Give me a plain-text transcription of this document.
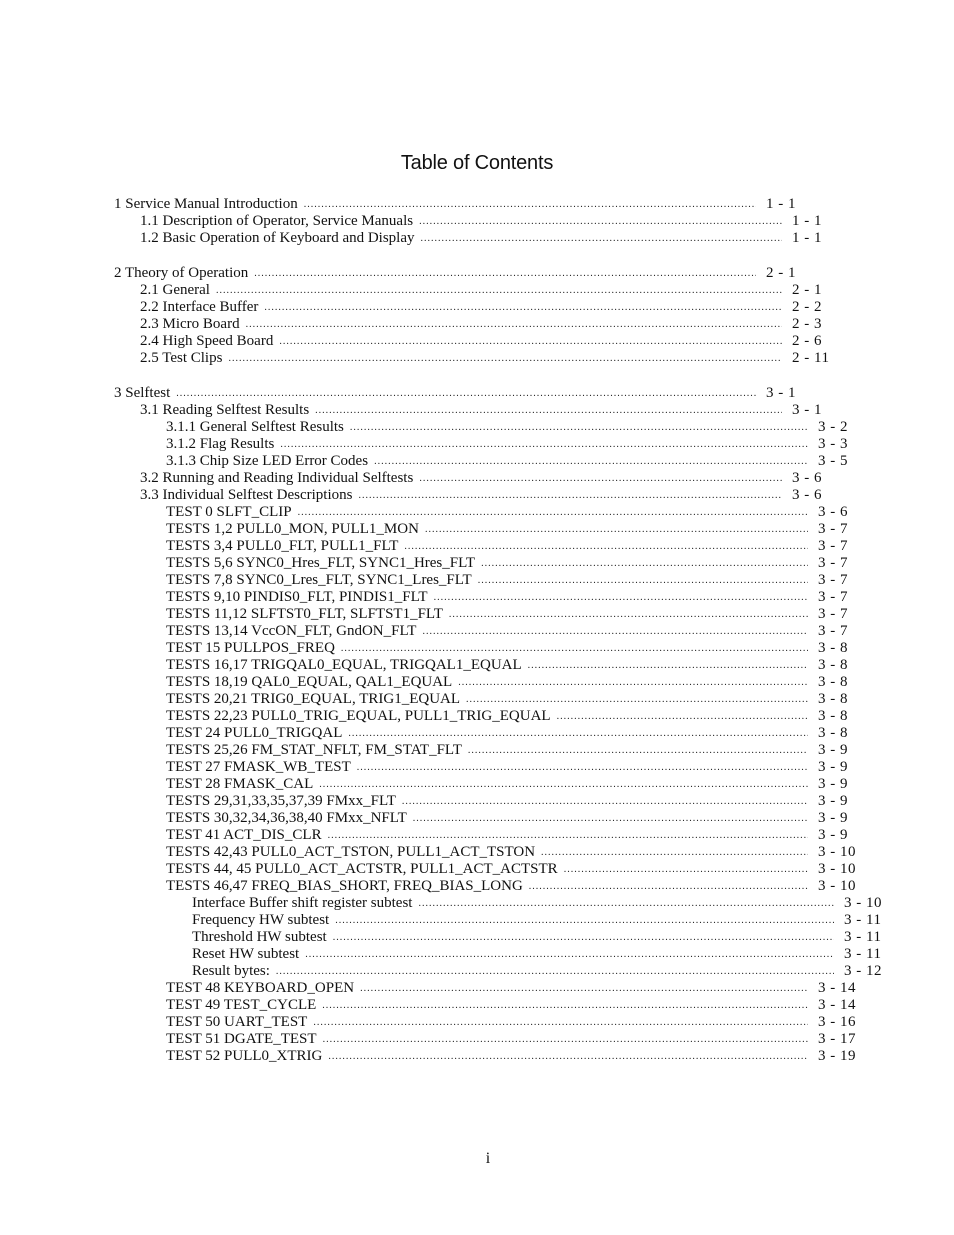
Table of Contents
1 Service Manual Introduction .....	1 - 1
1.1 Description of Operator, Service Manuals .....	1 - 1
1.2 Basic Operation of Keyboard and Display .....	1 - 1
2 Theory of Operation .....	2 - 1
2.1 General .....	2 - 1
2.2 Interface Buffer .....	2 - 2
2.3 Micro Board .....	2 - 3
2.4 High Speed Board .....	2 - 6
2.5 Test Clips .....	2 - 11
3 Selftest .....	3 - 1
3.1 Reading Selftest Results .....	3 - 1
3.1.1 General Selftest Results .....	3 - 2
3.1.2 Flag Results .....	3 - 3
3.1.3 Chip Size LED Error Codes .....	3 - 5
3.2 Running and Reading Individual Selftests .....	3 - 6
3.3 Individual Selftest Descriptions .....	3 - 6
TEST 0 SLFT_CLIP .....	3 - 6
TESTS 1,2 PULL0_MON, PULL1_MON .....	3 - 7
TESTS 3,4 PULL0_FLT, PULL1_FLT .....	3 - 7
TESTS 5,6 SYNC0_Hres_FLT, SYNC1_Hres_FLT .....	3 - 7
TESTS 7,8 SYNC0_Lres_FLT, SYNC1_Lres_FLT .....	3 - 7
TESTS 9,10 PINDIS0_FLT, PINDIS1_FLT .....	3 - 7
TESTS 11,12 SLFTST0_FLT, SLFTST1_FLT .....	3 - 7
TESTS 13,14 VccON_FLT, GndON_FLT .....	3 - 7
TEST 15 PULLPOS_FREQ .....	3 - 8
TESTS 16,17 TRIGQAL0_EQUAL, TRIGQAL1_EQUAL .....	3 - 8
TESTS 18,19 QAL0_EQUAL, QAL1_EQUAL .....	3 - 8
TESTS 20,21 TRIG0_EQUAL, TRIG1_EQUAL .....	3 - 8
TESTS 22,23 PULL0_TRIG_EQUAL, PULL1_TRIG_EQUAL .....	3 - 8
TEST 24 PULL0_TRIGQAL .....	3 - 8
TESTS 25,26 FM_STAT_NFLT, FM_STAT_FLT .....	3 - 9
TEST 27 FMASK_WB_TEST .....	3 - 9
TEST 28 FMASK_CAL .....	3 - 9
TESTS 29,31,33,35,37,39 FMxx_FLT .....	3 - 9
TESTS 30,32,34,36,38,40 FMxx_NFLT .....	3 - 9
TEST 41 ACT_DIS_CLR .....	3 - 9
TESTS 42,43 PULL0_ACT_TSTON, PULL1_ACT_TSTON .....	3 - 10
TESTS 44, 45 PULL0_ACT_ACTSTR, PULL1_ACT_ACTSTR .....	3 - 10
TESTS 46,47 FREQ_BIAS_SHORT, FREQ_BIAS_LONG .....	3 - 10
Interface Buffer shift register subtest .....	3 - 10
Frequency HW subtest .....	3 - 11
Threshold HW subtest .....	3 - 11
Reset HW subtest .....	3 - 11
Result bytes: .....	3 - 12
TEST 48 KEYBOARD_OPEN .....	3 - 14
TEST 49 TEST_CYCLE .....	3 - 14
TEST 50 UART_TEST .....	3 - 16
TEST 51 DGATE_TEST .....	3 - 17
TEST 52 PULL0_XTRIG .....	3 - 19
i
